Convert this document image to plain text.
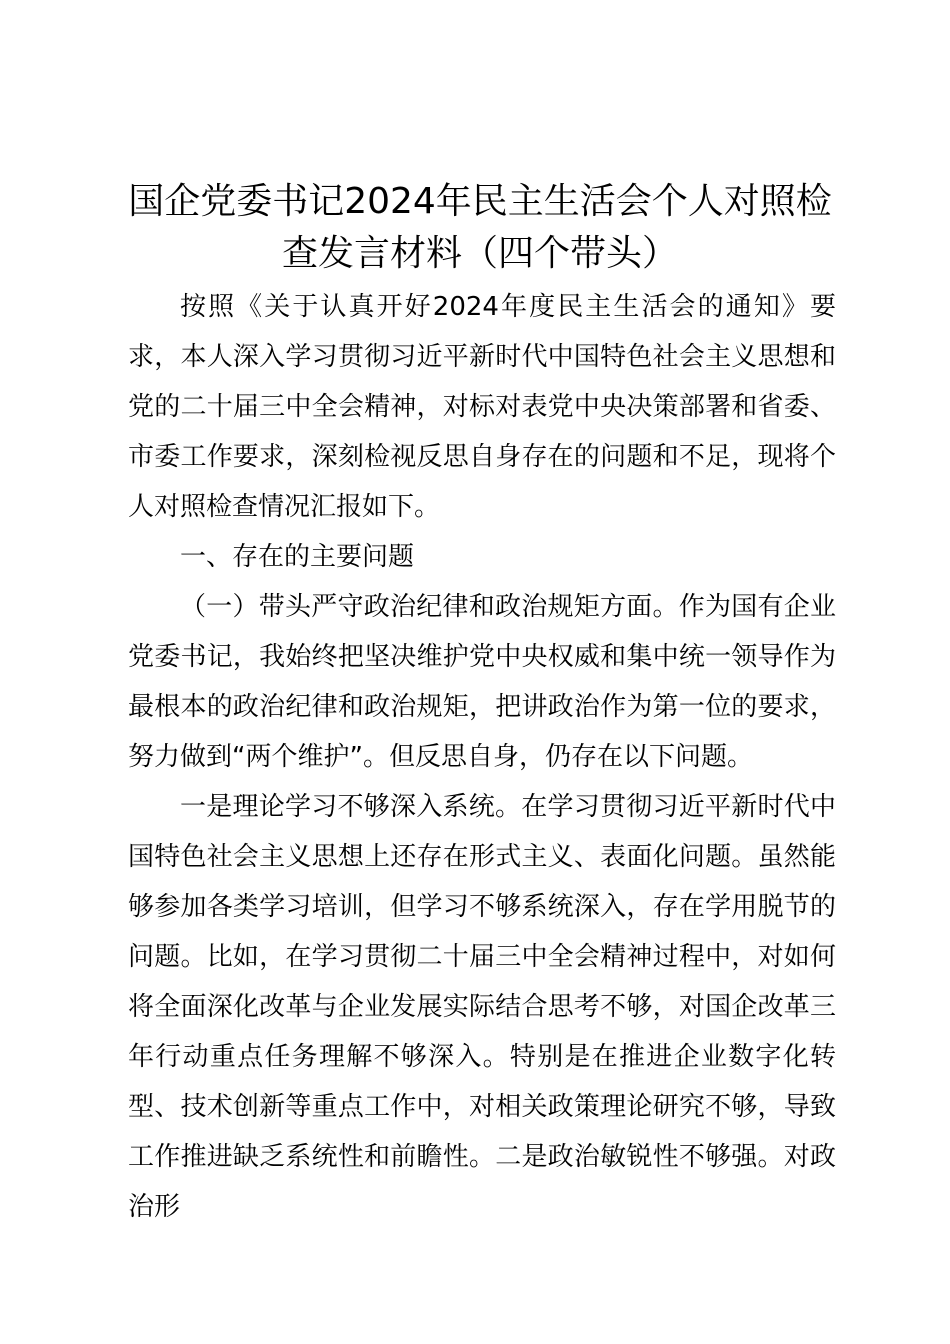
国企党委书记2024年民主生活会个人对照检查发言材料（四个带头）

按照《关于认真开好2024年度民主生活会的通知》要求，本人深入学习贯彻习近平新时代中国特色社会主义思想和党的二十届三中全会精神，对标对表党中央决策部署和省委、市委工作要求，深刻检视反思自身存在的问题和不足，现将个人对照检查情况汇报如下。

一、存在的主要问题

（一）带头严守政治纪律和政治规矩方面。作为国有企业党委书记，我始终把坚决维护党中央权威和集中统一领导作为最根本的政治纪律和政治规矩，把讲政治作为第一位的要求，努力做到“两个维护”。但反思自身，仍存在以下问题。

一是理论学习不够深入系统。在学习贯彻习近平新时代中国特色社会主义思想上还存在形式主义、表面化问题。虽然能够参加各类学习培训，但学习不够系统深入，存在学用脱节的问题。比如，在学习贯彻二十届三中全会精神过程中，对如何将全面深化改革与企业发展实际结合思考不够，对国企改革三年行动重点任务理解不够深入。特别是在推进企业数字化转型、技术创新等重点工作中，对相关政策理论研究不够，导致工作推进缺乏系统性和前瞻性。二是政治敏锐性不够强。对政治形
